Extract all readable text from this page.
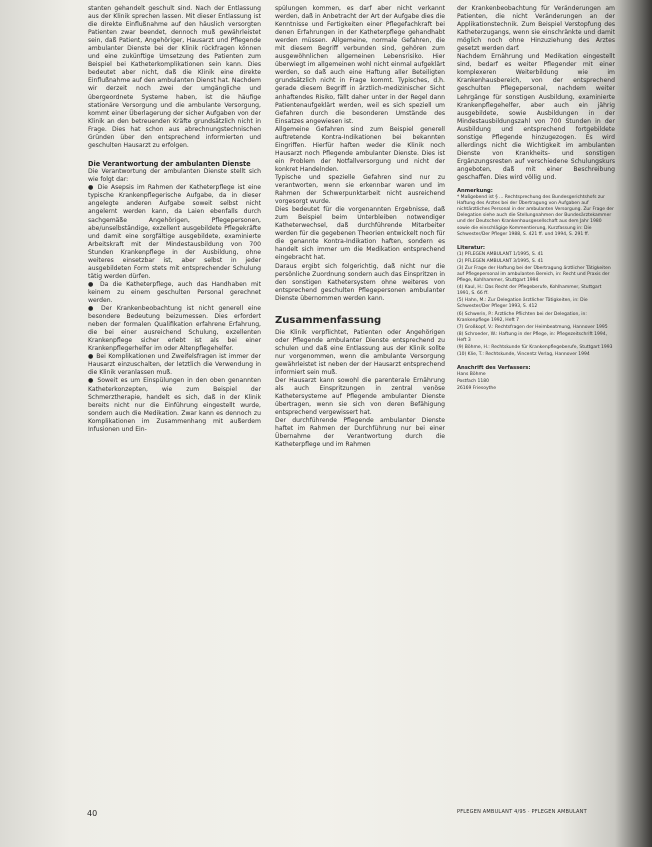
stanten gehandelt geschult sind. Nach der Entlassung aus der Klinik sprechen lassen. Mit dieser Entlassung ist die direkte Einflußnahme auf den häuslich versorgten Patienten zwar beendet, dennoch muß gewährleistet sein, daß Patient, Angehöriger, Hausarzt und Pflegende ambulanter Dienste bei der Klinik rückfragen können und eine zukünftige Umsetzung des Patienten zum Beispiel bei Katheterkomplikationen sein kann. Dies bedeutet aber nicht, daß die Klinik eine direkte Einflußnahme auf den ambulanten Dienst hat. Nachdem wir derzeit noch zwei der umgängliche und übergeordnete Systeme haben, ist die häufige stationäre Versorgung und die ambulante Versorgung, kommt einer Überlagerung der sicher Aufgaben von der Klinik an den betreuenden Kräfte grundsätzlich nicht in Frage. Dies hat schon aus abrechnungstechnischen Gründen über den entsprechend informierten und geschulten Hausarzt zu erfolgen.

Die Verantwortung der ambulanten Dienste

Die Verantwortung der ambulanten Dienste stellt sich wie folgt dar:

● Die Asepsis im Rahmen der Katheterpflege ist eine typische Krankenpflegerische Aufgabe, da in dieser angelegte anderen Aufgabe soweit selbst nicht angelernt werden kann, da Laien ebenfalls durch sachgemäße Angehörigen, Pflegepersonen, abe/unselbständige, exzellent ausgebildete Pflegekräfte und damit eine sorgfältige ausgebildete, examinierte Arbeitskraft mit der Mindestausbildung von 700 Stunden Krankenpflege in der Ausbildung, ohne weiteres einsetzbar ist, aber selbst in jeder ausgebildeten Form stets mit entsprechender Schulung tätig werden dürfen.

● Da die Katheterpflege, auch das Handhaben mit keinem zu einem geschulten Personal gerechnet werden.

● Der Krankenbeobachtung ist nicht generell eine besondere Bedeutung beizumessen. Dies erfordert neben der formalen Qualifikation erfahrene Erfahrung, die bei einer ausreichend Schulung, exzellenten Krankenpflege sicher erlebt ist als bei einer Krankenpflegerhelfer im oder Altenpflegehelfer.

● Bei Komplikationen und Zweifelsfragen ist immer der Hausarzt einzuschalten, der letztlich die Verwendung in die Klinik veranlassen muß.

● Soweit es um Einspülungen in den oben genannten Katheterkonzepten, wie zum Beispiel der Schmerztherapie, handelt es sich, daß in der Klinik bereits nicht nur die Einführung eingestellt wurde, sondern auch die Medikation. Zwar kann es dennoch zu Komplikationen im Zusammenhang mit außerdem Infusionen und Ein-

spülungen kommen, es darf aber nicht verkannt werden, daß in Anbetracht der Art der Aufgabe dies die Kenntnisse und Fertigkeiten einer Pflegefachkraft bei denen Erfahrungen in der Katheterpflege gehandhabt werden müssen. Allgemeine, normale Gefahren, die mit diesem Begriff verbunden sind, gehören zum ausgewöhnlichen allgemeinen Lebensrisiko. Hier überwiegt im allgemeinen wohl nicht einmal aufgeklärt werden, so daß auch eine Haftung aller Beteiligten grundsätzlich nicht in Frage kommt. Typisches, d.h. gerade diesem Begriff in ärztlich-medizinischer Sicht anhaftendes Risiko, fällt daher unter in der Regel dann Patientenaufgeklärt werden, weil es sich speziell um Gefahren durch die besonderen Umstände des Einsatzes angewiesen ist.

Allgemeine Gefahren sind zum Beispiel generell auftretende Kontra-Indikationen bei bekannten Eingriffen. Hierfür haften weder die Klinik noch Hausarzt noch Pflegende ambulanter Dienste. Dies ist ein Problem der Notfallversorgung und nicht der konkret Handelnden.

Typische und spezielle Gefahren sind nur zu verantworten, wenn sie erkennbar waren und im Rahmen der Schwerpunktarbeit nicht ausreichend vorgesorgt wurde.

Dies bedeutet für die vorgenannten Ergebnisse, daß zum Beispiel beim Unterbleiben notwendiger Katheterwechsel, daß durchführende Mitarbeiter werden für die gegebenen Theorien entwickelt noch für die genannte Kontra-Indikation haften, sondern es handelt sich immer um die Medikation entsprechend eingebracht hat.

Daraus ergibt sich folgerichtig, daß nicht nur die persönliche Zuordnung sondern auch das Einspritzen in den sonstigen Kathetersystem ohne weiteres von entsprechend geschulten Pflegepersonen ambulanter Dienste übernommen werden kann.

Zusammenfassung

Die Klinik verpflichtet, Patienten oder Angehörigen oder Pflegende ambulanter Dienste entsprechend zu schulen und daß eine Entlassung aus der Klinik sollte nur vorgenommen, wenn die ambulante Versorgung gewährleistet ist neben der der Hausarzt entsprechend informiert sein muß.

Der Hausarzt kann sowohl die parenterale Ernährung als auch Einspritzungen in zentral venöse Kathetersysteme auf Pflegende ambulanter Dienste übertragen, wenn sie sich von deren Befähigung entsprechend vergewissert hat.

Der durchführende Pflegende ambulanter Dienste haftet im Rahmen der Durchführung nur bei einer Übernahme der Verantwortung durch die Katheterpflege und im Rahmen

der Krankenbeobachtung für Veränderungen am Patienten, die nicht Veränderungen an der Applikationstechnik. Zum Beispiel Verstopfung des Katheterzugangs, wenn sie einschränkte und damit möglich noch ohne Hinzuziehung des Arztes gesetzt werden darf.

Nachdem Ernährung und Medikation eingestellt sind, bedarf es weiter Pflegender mit einer komplexeren Weiterbildung wie im Krankenhausbereich, von der entsprechend geschulten Pflegepersonal, nachdem weiter Lehrgänge für sonstigen Ausbildung, examinierte Krankenpflegehelfer, aber auch ein jährig ausgebildete, sowie Ausbildungen in der Mindestausbildungszahl von 700 Stunden in der Ausbildung und entsprechend fortgebildete sonstige Pflegende hinzugezogen. Es wird allerdings nicht die Wichtigkeit im ambulanten Dienste von Krankheits- und sonstigen Ergänzungsresten auf verschiedene Schulungskurs angeboten, daß mit einer Beschreibung geschaffen. Dies wird völlig und.

Anmerkung:

* Maßgebend ist § ... Rechtsprechung des Bundesgerichtshofs zur Haftung des Arztes bei der Übertragung von Aufgaben auf nichtärztliches Personal in der ambulanten Versorgung. Zur Frage der Delegation siehe auch die Stellungnahmen der Bundesärztekammer und der Deutschen Krankenhausgesellschaft aus dem Jahr 1980 sowie die einschlägige Kommentierung, Kurzfassung in: Die Schwester/Der Pfleger 1988, S. 421 ff. und 1994, S. 291 ff.

Literatur:

(1) PFLEGEN AMBULANT 1/1995, S. 41

(2) PFLEGEN AMBULANT 3/1995, S. 41

(3) Zur Frage der Haftung bei der Übertragung ärztlicher Tätigkeiten auf Pflegepersonal im ambulanten Bereich, in: Recht und Praxis der Pflege, Kohlhammer, Stuttgart 1994

(4) Kaul, H.: Das Recht der Pflegeberufe, Kohlhammer, Stuttgart 1991, S. 66 ff.

(5) Hahn, M.: Zur Delegation ärztlicher Tätigkeiten, in: Die Schwester/Der Pfleger 1993, S. 412

(6) Schwerin, P.: Ärztliche Pflichten bei der Delegation, in: Krankenpflege 1992, Heft 7

(7) Großkopf, V.: Rechtsfragen der Heimbeatmung, Hannover 1995

(8) Schroeder, W.: Haftung in der Pflege, in: Pflegezeitschrift 1994, Heft 3

(9) Böhme, H.: Rechtskunde für Krankenpflegeberufe, Stuttgart 1993

(10) Klie, T.: Rechtskunde, Vincentz Verlag, Hannover 1994

Anschrift des Verfassers:

Hans Böhme

Postfach 1180

26169 Friesoythe

40	PFLEGEN AMBULANT 4/95 · PFLEGEN AMBULANT
